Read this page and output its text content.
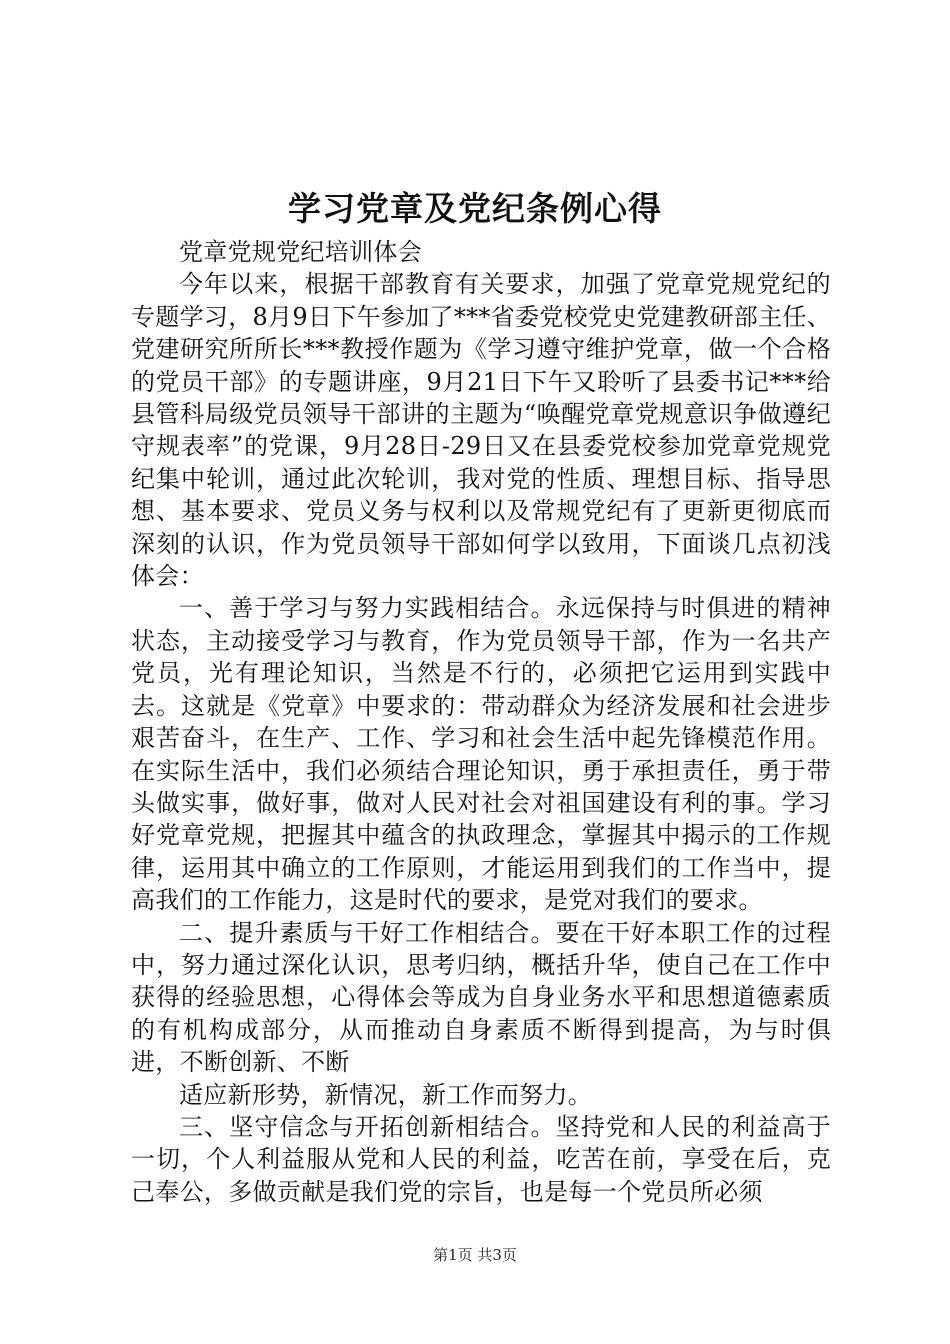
学习党章及党纪条例心得

党章党规党纪培训体会

今年以来，根据干部教育有关要求，加强了党章党规党纪的专题学习，8月9日下午参加了***省委党校党史党建教研部主任、党建研究所所长***教授作题为《学习遵守维护党章，做一个合格的党员干部》的专题讲座，9月21日下午又聆听了县委书记***给县管科局级党员领导干部讲的主题为“唤醒党章党规意识争做遵纪守规表率”的党课，9月28日-29日又在县委党校参加党章党规党纪集中轮训，通过此次轮训，我对党的性质、理想目标、指导思想、基本要求、党员义务与权利以及常规党纪有了更新更彻底而深刻的认识，作为党员领导干部如何学以致用，下面谈几点初浅体会：

一、善于学习与努力实践相结合。永远保持与时俱进的精神状态，主动接受学习与教育，作为党员领导干部，作为一名共产党员，光有理论知识，当然是不行的，必须把它运用到实践中去。这就是《党章》中要求的：带动群众为经济发展和社会进步艰苦奋斗，在生产、工作、学习和社会生活中起先锋模范作用。在实际生活中，我们必须结合理论知识，勇于承担责任，勇于带头做实事，做好事，做对人民对社会对祖国建设有利的事。学习好党章党规，把握其中蕴含的执政理念，掌握其中揭示的工作规律，运用其中确立的工作原则，才能运用到我们的工作当中，提高我们的工作能力，这是时代的要求，是党对我们的要求。

二、提升素质与干好工作相结合。要在干好本职工作的过程中，努力通过深化认识，思考归纳，概括升华，使自己在工作中获得的经验思想，心得体会等成为自身业务水平和思想道德素质的有机构成部分，从而推动自身素质不断得到提高，为与时俱进，不断创新、不断

适应新形势，新情况，新工作而努力。

三、坚守信念与开拓创新相结合。坚持党和人民的利益高于一切，个人利益服从党和人民的利益，吃苦在前，享受在后，克己奉公，多做贡献是我们党的宗旨，也是每一个党员所必须

第1页 共3页
